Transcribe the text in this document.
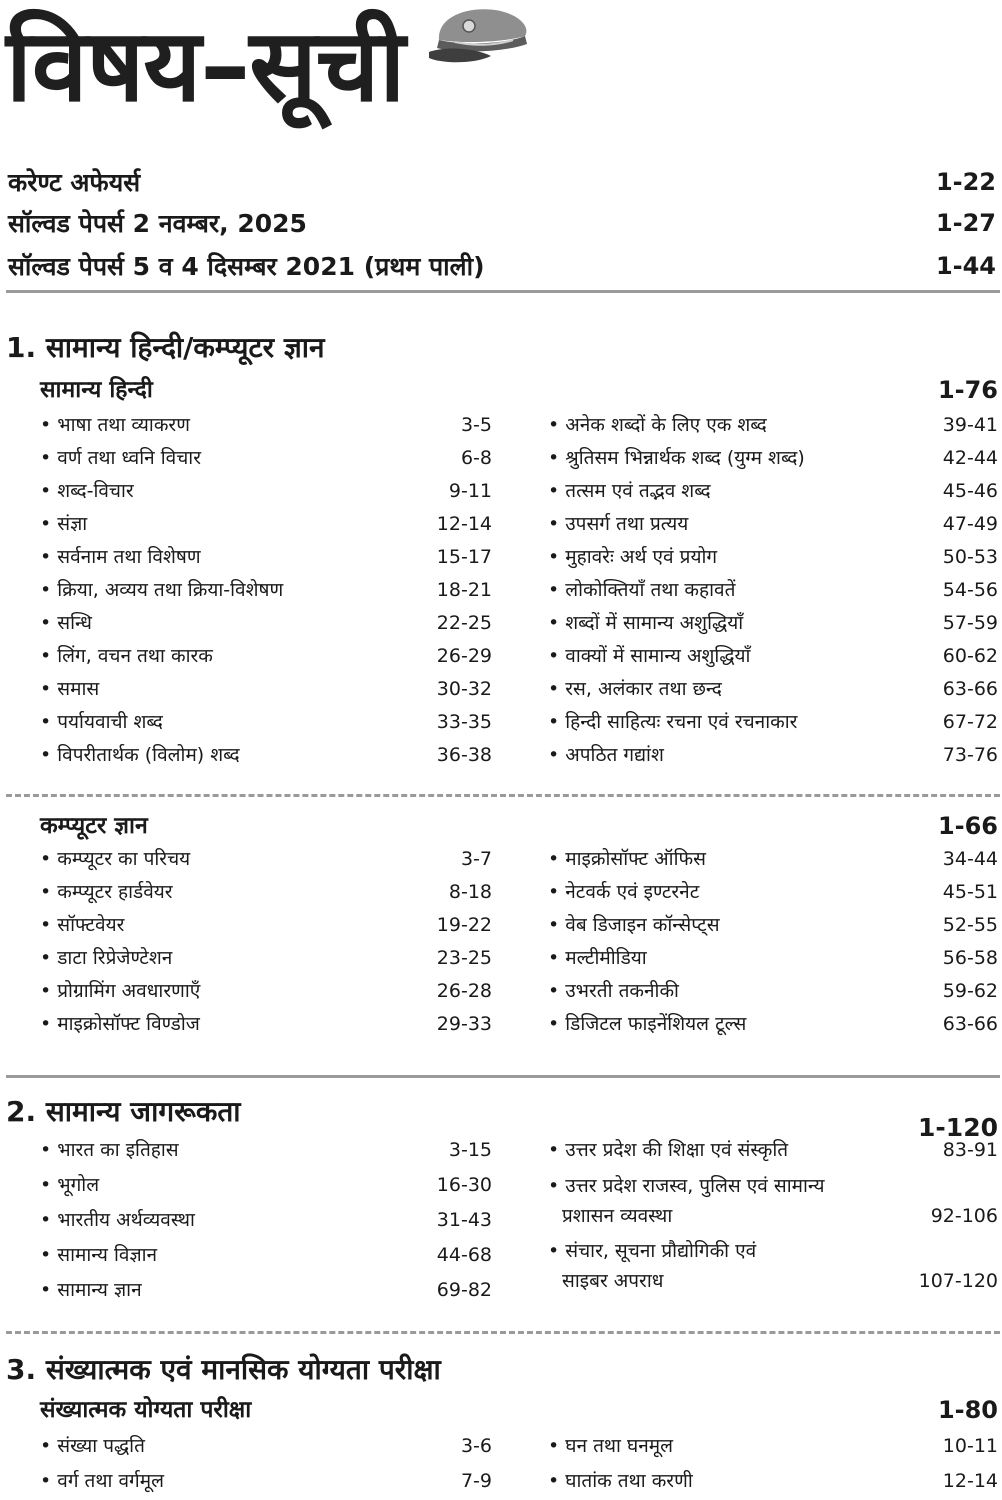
विषय–सूची
करेण्ट अफेयर्स	1-22
सॉल्वड पेपर्स 2 नवम्बर, 2025	1-27
सॉल्वड पेपर्स 5 व 4 दिसम्बर 2021 (प्रथम पाली)	1-44
1. सामान्य हिन्दी/कम्प्यूटर ज्ञान
सामान्य हिन्दी	1-76
• भाषा तथा व्याकरण	3-5
• वर्ण तथा ध्वनि विचार	6-8
• शब्द-विचार	9-11
• संज्ञा	12-14
• सर्वनाम तथा विशेषण	15-17
• क्रिया, अव्यय तथा क्रिया-विशेषण	18-21
• सन्धि	22-25
• लिंग, वचन तथा कारक	26-29
• समास	30-32
• पर्यायवाची शब्द	33-35
• विपरीतार्थक (विलोम) शब्द	36-38
• अनेक शब्दों के लिए एक शब्द	39-41
• श्रुतिसम भिन्नार्थक शब्द (युग्म शब्द)	42-44
• तत्सम एवं तद्भव शब्द	45-46
• उपसर्ग तथा प्रत्यय	47-49
• मुहावरेः अर्थ एवं प्रयोग	50-53
• लोकोक्तियाँ तथा कहावतें	54-56
• शब्दों में सामान्य अशुद्धियाँ	57-59
• वाक्यों में सामान्य अशुद्धियाँ	60-62
• रस, अलंकार तथा छन्द	63-66
• हिन्दी साहित्यः रचना एवं रचनाकार	67-72
• अपठित गद्यांश	73-76
कम्प्यूटर ज्ञान	1-66
• कम्प्यूटर का परिचय	3-7
• कम्प्यूटर हार्डवेयर	8-18
• सॉफ्टवेयर	19-22
• डाटा रिप्रेजेण्टेशन	23-25
• प्रोग्रामिंग अवधारणाएँ	26-28
• माइक्रोसॉफ्ट विण्डोज	29-33
• माइक्रोसॉफ्ट ऑफिस	34-44
• नेटवर्क एवं इण्टरनेट	45-51
• वेब डिजाइन कॉन्सेप्ट्स	52-55
• मल्टीमीडिया	56-58
• उभरती तकनीकी	59-62
• डिजिटल फाइनेंशियल टूल्स	63-66
2. सामान्य जागरूकता	1-120
• भारत का इतिहास	3-15
• भूगोल	16-30
• भारतीय अर्थव्यवस्था	31-43
• सामान्य विज्ञान	44-68
• सामान्य ज्ञान	69-82
• उत्तर प्रदेश की शिक्षा एवं संस्कृति	83-91
• उत्तर प्रदेश राजस्व, पुलिस एवं सामान्य
प्रशासन व्यवस्था	92-106
• संचार, सूचना प्रौद्योगिकी एवं
साइबर अपराध	107-120
3. संख्यात्मक एवं मानसिक योग्यता परीक्षा
संख्यात्मक योग्यता परीक्षा	1-80
• संख्या पद्धति	3-6
• वर्ग तथा वर्गमूल	7-9
• घन तथा घनमूल	10-11
• घातांक तथा करणी	12-14
